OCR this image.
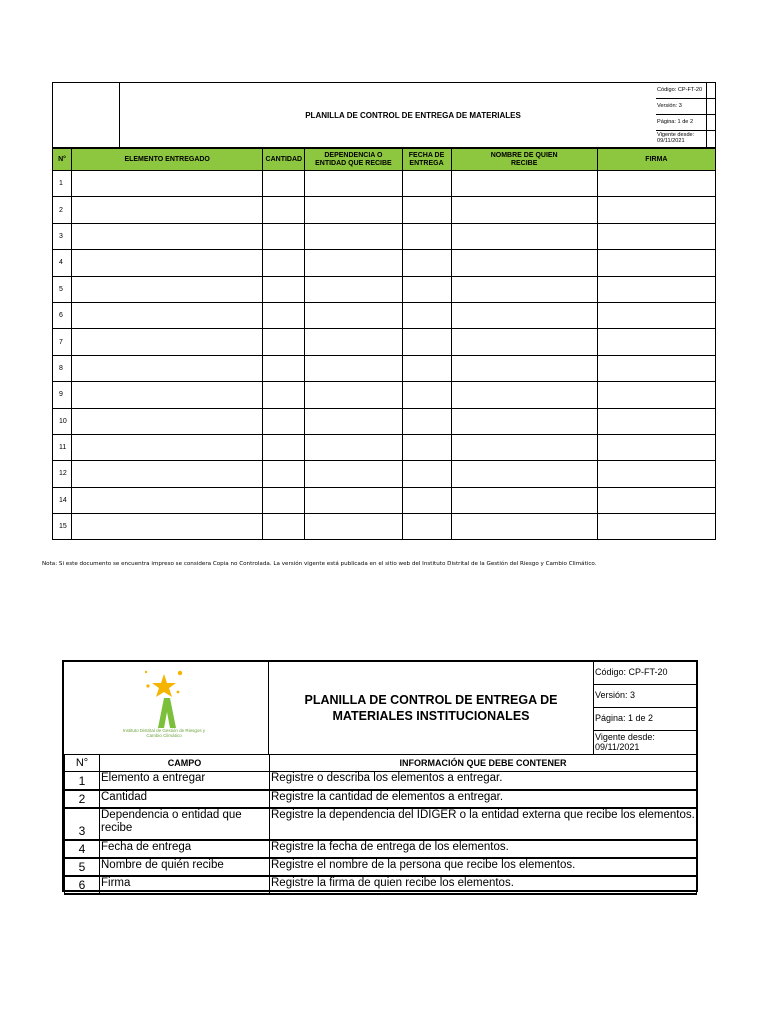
PLANILLA DE CONTROL DE ENTREGA DE MATERIALES
Código: CP-FT-20
Versión: 3
Página: 1 de 2
Vigente desde: 09/11/2021
N°	ELEMENTO ENTREGADO	CANTIDAD	DEPENDENCIA O ENTIDAD QUE RECIBE	FECHA DE ENTREGA	NOMBRE DE QUIEN RECIBE	FIRMA
1						
2						
3						
4						
5						
6						
7						
8						
9						
10						
11						
12						
14						
15						
Nota: Si este documento se encuentra impreso se considera Copia no Controlada. La versión vigente está publicada en el sitio web del Instituto Distrital de la Gestión del Riesgo y Cambio Climático.
Instituto Distrital de Gestión de Riesgos y Cambio Climático
PLANILLA DE CONTROL DE ENTREGA DE MATERIALES INSTITUCIONALES
Código: CP-FT-20
Versión: 3
Página: 1 de 2
Vigente desde: 09/11/2021
N°	CAMPO	INFORMACIÓN QUE DEBE CONTENER
1	Elemento a entregar	Registre o describa los elementos a entregar.
2	Cantidad	Registre la cantidad de elementos a entregar.
3	Dependencia o entidad que recibe	Registre la dependencia del IDIGER o la entidad externa que recibe los elementos.
4	Fecha de entrega	Registre la fecha de entrega de los elementos.
5	Nombre de quién recibe	Registre el nombre de la persona que recibe los elementos.
6	Firma	Registre la firma de quien recibe los elementos.
